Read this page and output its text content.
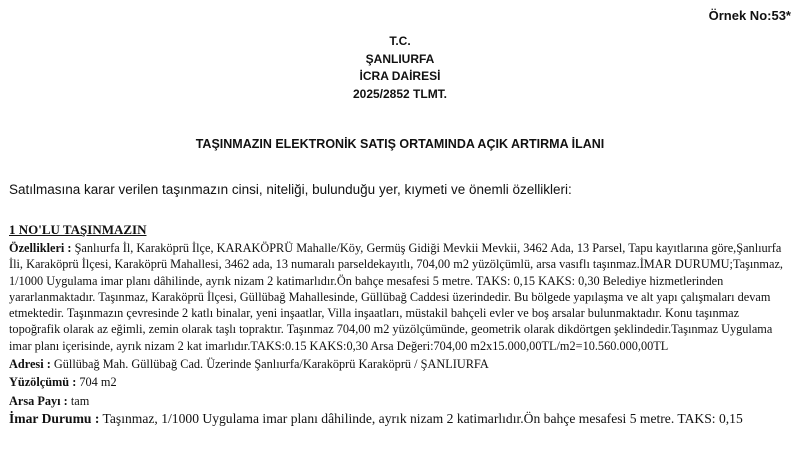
Örnek No:53*
T.C.
ŞANLIURFA
İCRA DAİRESİ
2025/2852 TLMT.
TAŞINMAZIN ELEKTRONİK SATIŞ ORTAMINDA AÇIK ARTIRMA İLANI
Satılmasına karar verilen taşınmazın cinsi, niteliği, bulunduğu yer, kıymeti ve önemli özellikleri:
1 NO'LU TAŞINMAZIN
Özellikleri : Şanlıurfa İl, Karaköprü İlçe, KARAKÖPRÜ Mahalle/Köy, Germüş Gidiği Mevkii Mevkii, 3462 Ada, 13 Parsel, Tapu kayıtlarına göre,Şanlıurfa İli, Karaköprü İlçesi, Karaköprü Mahallesi, 3462 ada, 13 numaralı parseldekayıtlı, 704,00 m2 yüzölçümlü, arsa vasıflı taşınmaz.İMAR DURUMU;Taşınmaz, 1/1000 Uygulama imar planı dâhilinde, ayrık nizam 2 katimarlıdır.Ön bahçe mesafesi 5 metre. TAKS: 0,15 KAKS: 0,30 Belediye hizmetlerinden yararlanmaktadır. Taşınmaz, Karaköprü İlçesi, Güllübağ Mahallesinde, Güllübağ Caddesi üzerindedir. Bu bölgede yapılaşma ve alt yapı çalışmaları devam etmektedir. Taşınmazın çevresinde 2 katlı binalar, yeni inşaatlar, Villa inşaatları, müstakil bahçeli evler ve boş arsalar bulunmaktadır. Konu taşınmaz topoğrafik olarak az eğimli, zemin olarak taşlı topraktır. Taşınmaz 704,00 m2 yüzölçümünde, geometrik olarak dikdörtgen şeklindedir.Taşınmaz Uygulama imar planı içerisinde, ayrık nizam 2 kat imarlıdır.TAKS:0.15 KAKS:0,30 Arsa Değeri:704,00 m2x15.000,00TL/m2=10.560.000,00TL
Adresi : Güllübağ Mah. Güllübağ Cad. Üzerinde Şanlıurfa/Karaköprü Karaköprü / ŞANLIURFA
Yüzölçümü : 704 m2
Arsa Payı : tam
İmar Durumu : Taşınmaz, 1/1000 Uygulama imar planı dâhilinde, ayrık nizam 2 katimarlıdır.Ön bahçe mesafesi 5 metre. TAKS: 0,15
